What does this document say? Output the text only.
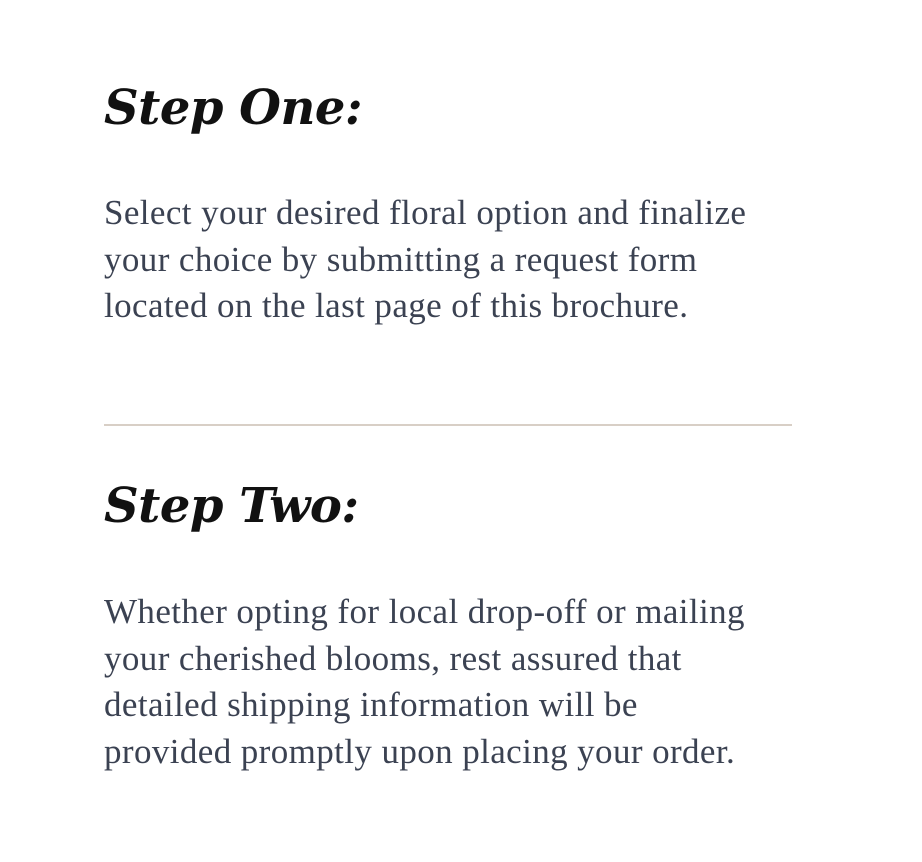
Step One:

Select your desired floral option and finalize your choice by submitting a request form located on the last page of this brochure.

Step Two:

Whether opting for local drop-off or mailing your cherished blooms, rest assured that detailed shipping information will be provided promptly upon placing your order.
